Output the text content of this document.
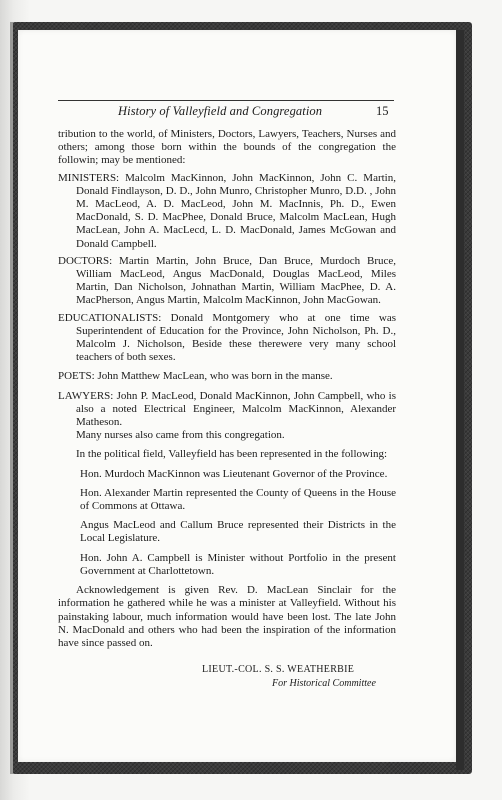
History of Valleyfield and Congregation	15

tribution to the world, of Ministers, Doctors, Lawyers, Teachers, Nurses and others; among those born within the bounds of the congregation the followin; may be mentioned:

MINISTERS: Malcolm MacKinnon, John MacKinnon, John C. Martin, Donald Findlayson, D. D., John Munro, Christopher Munro, D.D. , John M. MacLeod, A. D. MacLeod, John M. MacInnis, Ph. D., Ewen MacDonald, S. D. MacPhee, Donald Bruce, Malcolm MacLean, Hugh MacLean, John A. MacLecd, L. D. MacDonald, James McGowan and Donald Campbell.

DOCTORS: Martin Martin, John Bruce, Dan Bruce, Murdoch Bruce, William MacLeod, Angus MacDonald, Douglas MacLeod, Miles Martin, Dan Nicholson, Johnathan Martin, William MacPhee, D. A. MacPherson, Angus Martin, Malcolm MacKinnon, John MacGowan.

EDUCATIONALISTS: Donald Montgomery who at one time was Superintendent of Education for the Province, John Nicholson, Ph. D., Malcolm J. Nicholson, Beside these therewere very many school teachers of both sexes.

POETS: John Matthew MacLean, who was born in the manse.

LAWYERS: John P. MacLeod, Donald MacKinnon, John Campbell, who is also a noted Electrical Engineer, Malcolm MacKinnon, Alexander Matheson.

Many nurses also came from this congregation.

In the political field, Valleyfield has been represented in the following:

Hon. Murdoch MacKinnon was Lieutenant Governor of the Province.

Hon. Alexander Martin represented the County of Queens in the House of Commons at Ottawa.

Angus MacLeod and Callum Bruce represented their Districts in the Local Legislature.

Hon. John A. Campbell is Minister without Portfolio in the present Government at Charlottetown.

Acknowledgement is given Rev. D. MacLean Sinclair for the information he gathered while he was a minister at Valleyfield. Without his painstaking labour, much information would have been lost. The late John N. MacDonald and others who had been the inspiration of the information have since passed on.

LIEUT.-COL. S. S. WEATHERBIE
For Historical Committee
